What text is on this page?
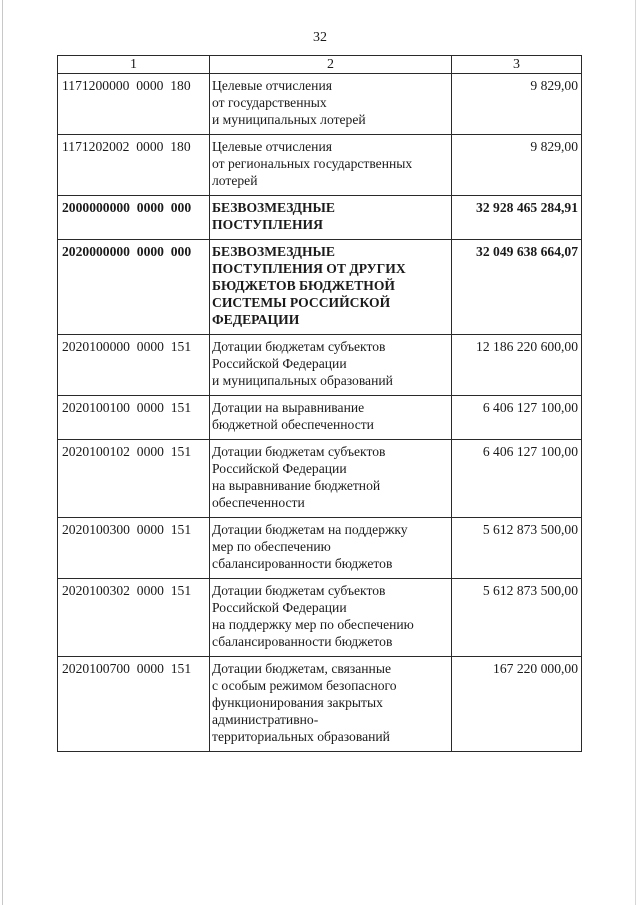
32
1	2	3
1171200000  0000  180	Целевые отчисления
от государственных
и муниципальных лотерей	9 829,00
1171202002  0000  180	Целевые отчисления
от региональных государственных
лотерей	9 829,00
2000000000  0000  000	БЕЗВОЗМЕЗДНЫЕ
ПОСТУПЛЕНИЯ	32 928 465 284,91
2020000000  0000  000	БЕЗВОЗМЕЗДНЫЕ
ПОСТУПЛЕНИЯ ОТ ДРУГИХ
БЮДЖЕТОВ БЮДЖЕТНОЙ
СИСТЕМЫ РОССИЙСКОЙ
ФЕДЕРАЦИИ	32 049 638 664,07
2020100000  0000  151	Дотации бюджетам субъектов
Российской Федерации
и муниципальных образований	12 186 220 600,00
2020100100  0000  151	Дотации на выравнивание
бюджетной обеспеченности	6 406 127 100,00
2020100102  0000  151	Дотации бюджетам субъектов
Российской Федерации
на выравнивание бюджетной
обеспеченности	6 406 127 100,00
2020100300  0000  151	Дотации бюджетам на поддержку
мер по обеспечению
сбалансированности бюджетов	5 612 873 500,00
2020100302  0000  151	Дотации бюджетам субъектов
Российской Федерации
на поддержку мер по обеспечению
сбалансированности бюджетов	5 612 873 500,00
2020100700  0000  151	Дотации бюджетам, связанные
с особым режимом безопасного
функционирования закрытых
административно-
территориальных образований	167 220 000,00
